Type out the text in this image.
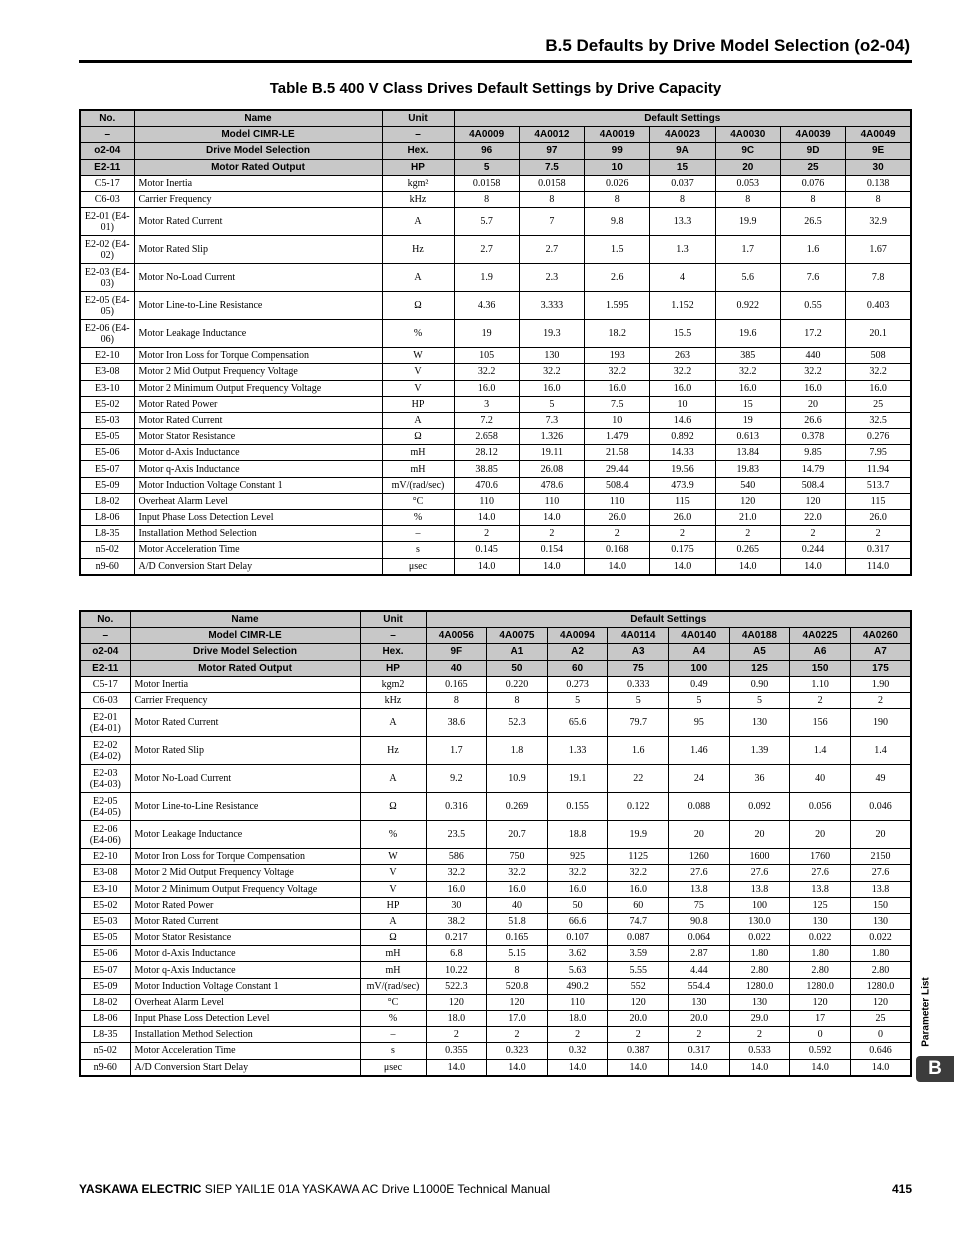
B.5 Defaults by Drive Model Selection (o2-04)
Table B.5 400 V Class Drives Default Settings by Drive Capacity
No.	Name	Unit	Default Settings						
–	Model CIMR-LE	–	4A0009	4A0012	4A0019	4A0023	4A0030	4A0039	4A0049
o2-04	Drive Model Selection	Hex.	96	97	99	9A	9C	9D	9E
E2-11	Motor Rated Output	HP	5	7.5	10	15	20	25	30
C5-17	Motor Inertia	kgm²	0.0158	0.0158	0.026	0.037	0.053	0.076	0.138
C6-03	Carrier Frequency	kHz	8	8	8	8	8	8	8
E2-01 (E4-01)	Motor Rated Current	A	5.7	7	9.8	13.3	19.9	26.5	32.9
E2-02 (E4-02)	Motor Rated Slip	Hz	2.7	2.7	1.5	1.3	1.7	1.6	1.67
E2-03 (E4-03)	Motor No-Load Current	A	1.9	2.3	2.6	4	5.6	7.6	7.8
E2-05 (E4-05)	Motor Line-to-Line Resistance	Ω	4.36	3.333	1.595	1.152	0.922	0.55	0.403
E2-06 (E4-06)	Motor Leakage Inductance	%	19	19.3	18.2	15.5	19.6	17.2	20.1
E2-10	Motor Iron Loss for Torque Compensation	W	105	130	193	263	385	440	508
E3-08	Motor 2 Mid Output Frequency Voltage	V	32.2	32.2	32.2	32.2	32.2	32.2	32.2
E3-10	Motor 2 Minimum Output Frequency Voltage	V	16.0	16.0	16.0	16.0	16.0	16.0	16.0
E5-02	Motor Rated Power	HP	3	5	7.5	10	15	20	25
E5-03	Motor Rated Current	A	7.2	7.3	10	14.6	19	26.6	32.5
E5-05	Motor Stator Resistance	Ω	2.658	1.326	1.479	0.892	0.613	0.378	0.276
E5-06	Motor d-Axis Inductance	mH	28.12	19.11	21.58	14.33	13.84	9.85	7.95
E5-07	Motor q-Axis Inductance	mH	38.85	26.08	29.44	19.56	19.83	14.79	11.94
E5-09	Motor Induction Voltage Constant 1	mV/(rad/sec)	470.6	478.6	508.4	473.9	540	508.4	513.7
L8-02	Overheat Alarm Level	°C	110	110	110	115	120	120	115
L8-06	Input Phase Loss Detection Level	%	14.0	14.0	26.0	26.0	21.0	22.0	26.0
L8-35	Installation Method Selection	–	2	2	2	2	2	2	2
n5-02	Motor Acceleration Time	s	0.145	0.154	0.168	0.175	0.265	0.244	0.317
n9-60	A/D Conversion Start Delay	μsec	14.0	14.0	14.0	14.0	14.0	14.0	114.0
No.	Name	Unit	Default Settings							
–	Model CIMR-LE	–	4A0056	4A0075	4A0094	4A0114	4A0140	4A0188	4A0225	4A0260
o2-04	Drive Model Selection	Hex.	9F	A1	A2	A3	A4	A5	A6	A7
E2-11	Motor Rated Output	HP	40	50	60	75	100	125	150	175
C5-17	Motor Inertia	kgm2	0.165	0.220	0.273	0.333	0.49	0.90	1.10	1.90
C6-03	Carrier Frequency	kHz	8	8	5	5	5	5	2	2
E2-01 (E4-01)	Motor Rated Current	A	38.6	52.3	65.6	79.7	95	130	156	190
E2-02 (E4-02)	Motor Rated Slip	Hz	1.7	1.8	1.33	1.6	1.46	1.39	1.4	1.4
E2-03 (E4-03)	Motor No-Load Current	A	9.2	10.9	19.1	22	24	36	40	49
E2-05 (E4-05)	Motor Line-to-Line Resistance	Ω	0.316	0.269	0.155	0.122	0.088	0.092	0.056	0.046
E2-06 (E4-06)	Motor Leakage Inductance	%	23.5	20.7	18.8	19.9	20	20	20	20
E2-10	Motor Iron Loss for Torque Compensation	W	586	750	925	1125	1260	1600	1760	2150
E3-08	Motor 2 Mid Output Frequency Voltage	V	32.2	32.2	32.2	32.2	27.6	27.6	27.6	27.6
E3-10	Motor 2 Minimum Output Frequency Voltage	V	16.0	16.0	16.0	16.0	13.8	13.8	13.8	13.8
E5-02	Motor Rated Power	HP	30	40	50	60	75	100	125	150
E5-03	Motor Rated Current	A	38.2	51.8	66.6	74.7	90.8	130.0	130	130
E5-05	Motor Stator Resistance	Ω	0.217	0.165	0.107	0.087	0.064	0.022	0.022	0.022
E5-06	Motor d-Axis Inductance	mH	6.8	5.15	3.62	3.59	2.87	1.80	1.80	1.80
E5-07	Motor q-Axis Inductance	mH	10.22	8	5.63	5.55	4.44	2.80	2.80	2.80
E5-09	Motor Induction Voltage Constant 1	mV/(rad/sec)	522.3	520.8	490.2	552	554.4	1280.0	1280.0	1280.0
L8-02	Overheat Alarm Level	°C	120	120	110	120	130	130	120	120
L8-06	Input Phase Loss Detection Level	%	18.0	17.0	18.0	20.0	20.0	29.0	17	25
L8-35	Installation Method Selection	–	2	2	2	2	2	2	0	0
n5-02	Motor Acceleration Time	s	0.355	0.323	0.32	0.387	0.317	0.533	0.592	0.646
n9-60	A/D Conversion Start Delay	μsec	14.0	14.0	14.0	14.0	14.0	14.0	14.0	14.0
Parameter List
B
YASKAWA ELECTRIC SIEP YAIL1E 01A YASKAWA AC Drive L1000E Technical Manual	415
